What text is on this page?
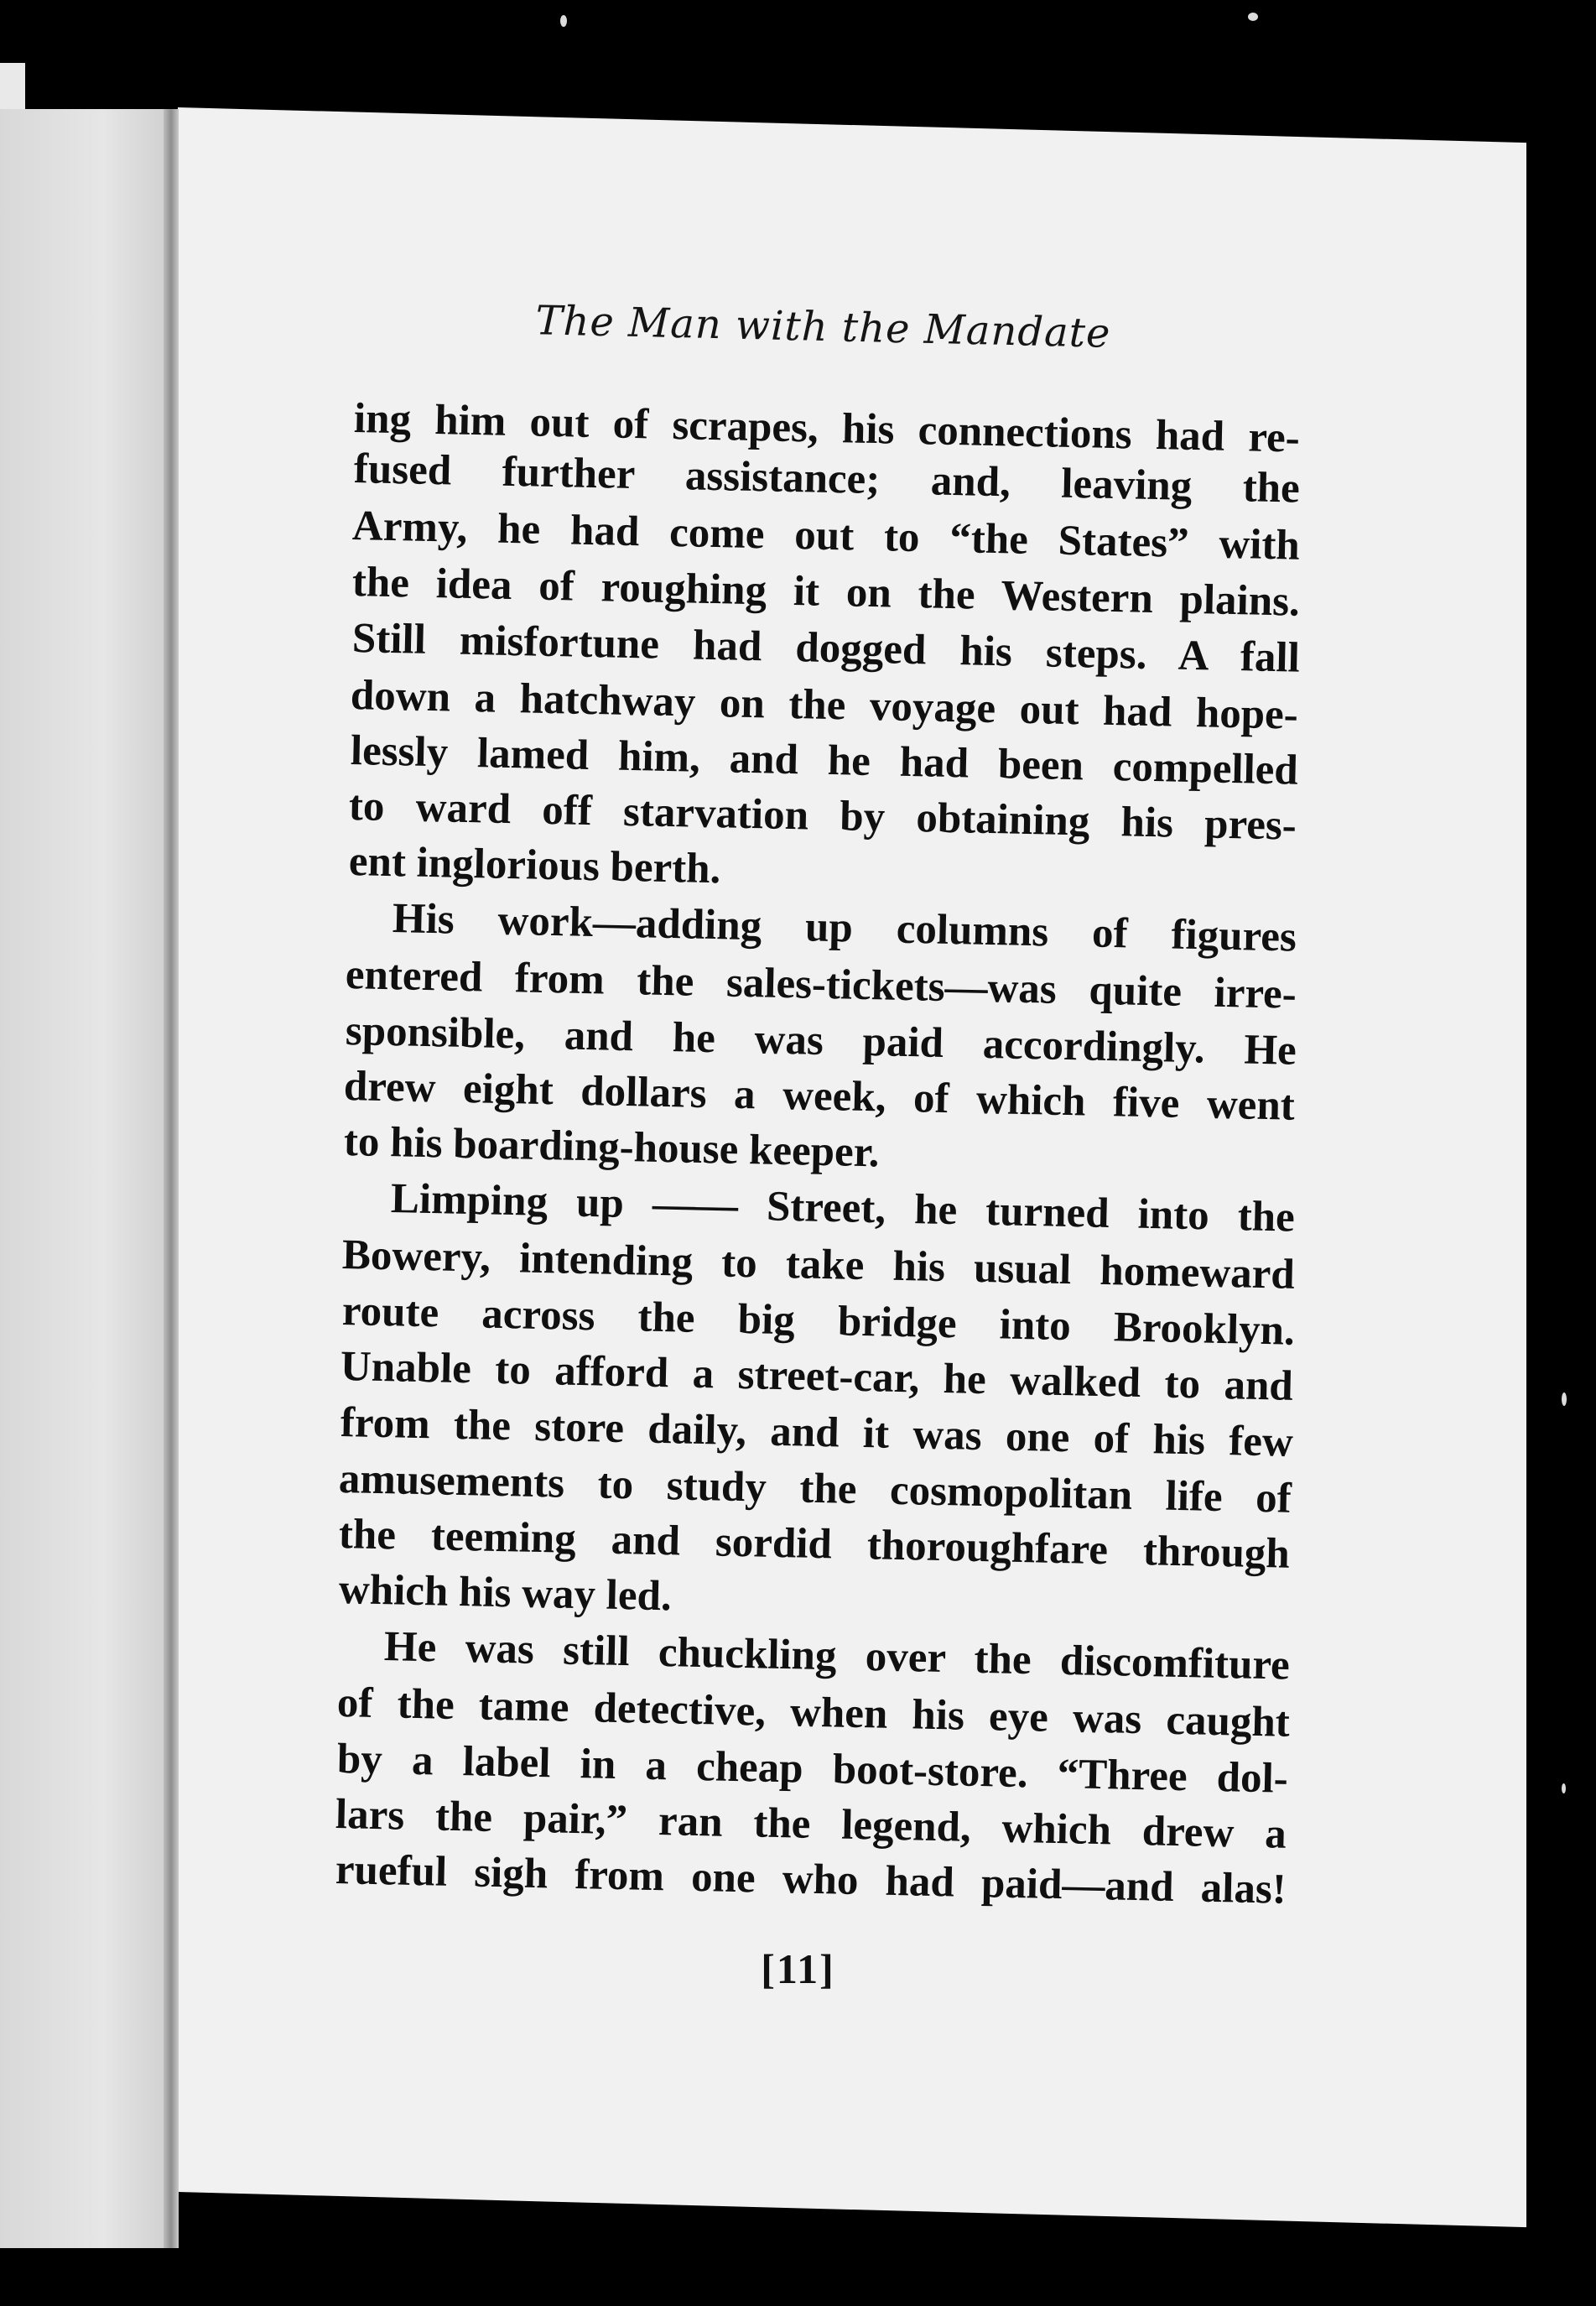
The Man with the Mandate
ing him out of scrapes, his connections had re-
fused further assistance; and, leaving the
Army, he had come out to “the States” with
the idea of roughing it on the Western plains.
Still misfortune had dogged his steps. A fall
down a hatchway on the voyage out had hope-
lessly lamed him, and he had been compelled
to ward off starvation by obtaining his pres-
ent inglorious berth.
His work—adding up columns of figures
entered from the sales-tickets—was quite irre-
sponsible, and he was paid accordingly. He
drew eight dollars a week, of which five went
to his boarding-house keeper.
Limping up —— Street, he turned into the
Bowery, intending to take his usual homeward
route across the big bridge into Brooklyn.
Unable to afford a street-car, he walked to and
from the store daily, and it was one of his few
amusements to study the cosmopolitan life of
the teeming and sordid thoroughfare through
which his way led.
He was still chuckling over the discomfiture
of the tame detective, when his eye was caught
by a label in a cheap boot-store. “Three dol-
lars the pair,” ran the legend, which drew a
rueful sigh from one who had paid—and alas!
[11]
